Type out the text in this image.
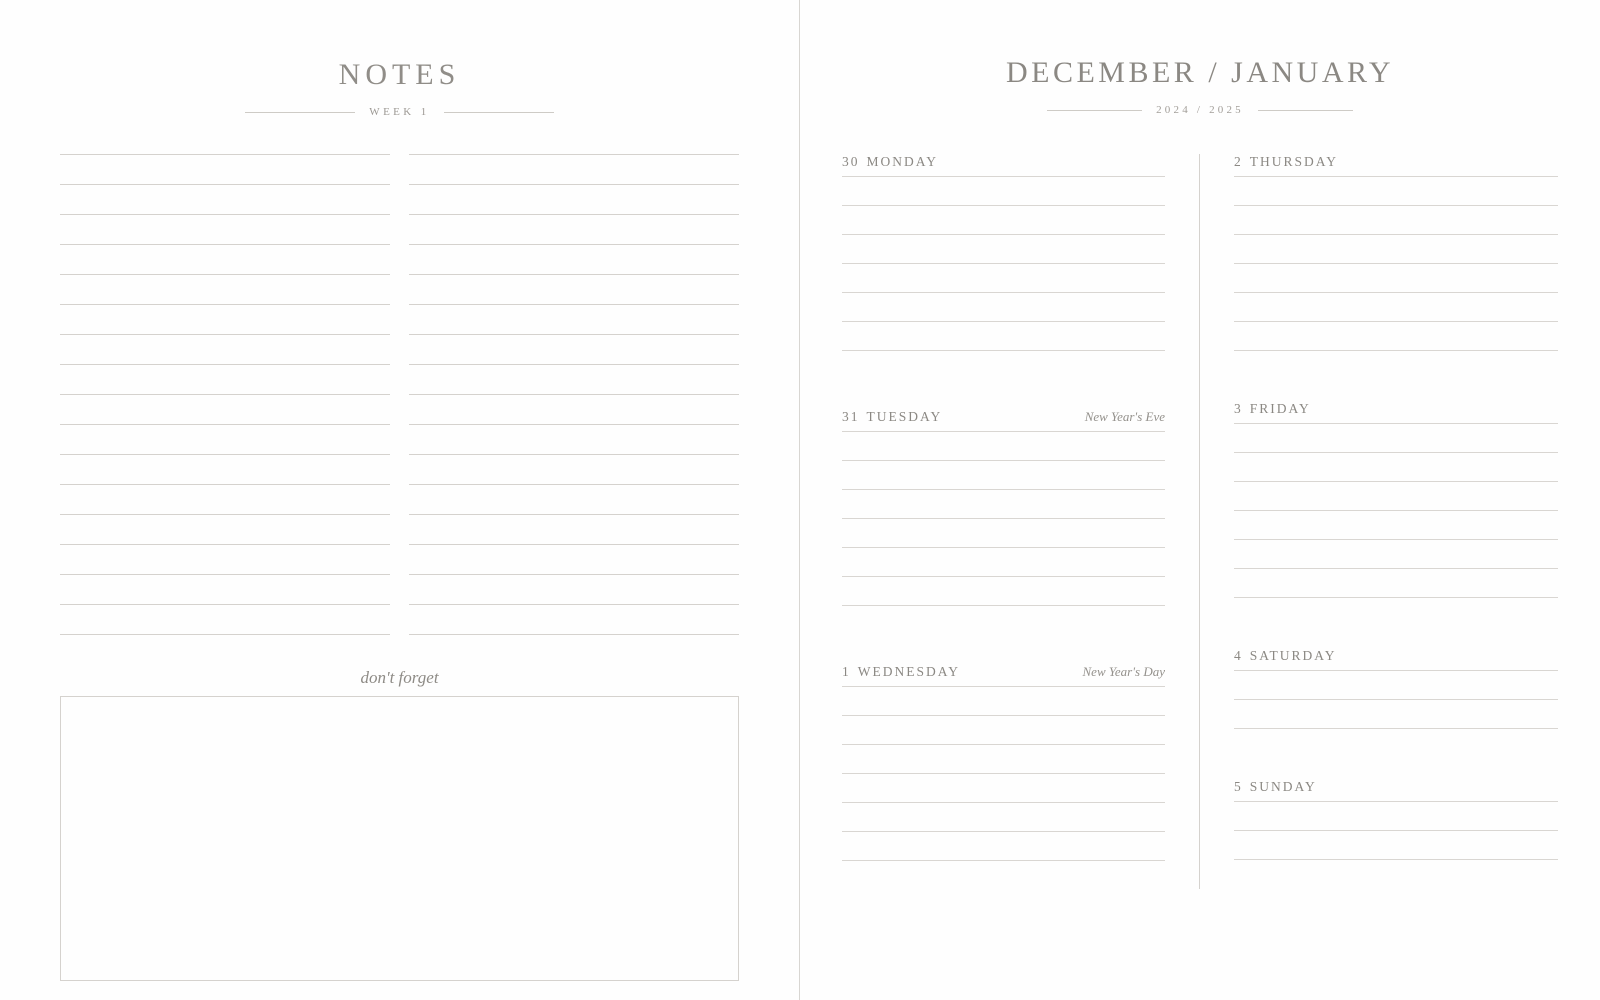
NOTES
WEEK 1
don't forget
DECEMBER / JANUARY
2024 / 2025
30 MONDAY
31 TUESDAY	New Year's Eve
1 WEDNESDAY	New Year's Day
2 THURSDAY
3 FRIDAY
4 SATURDAY
5 SUNDAY
